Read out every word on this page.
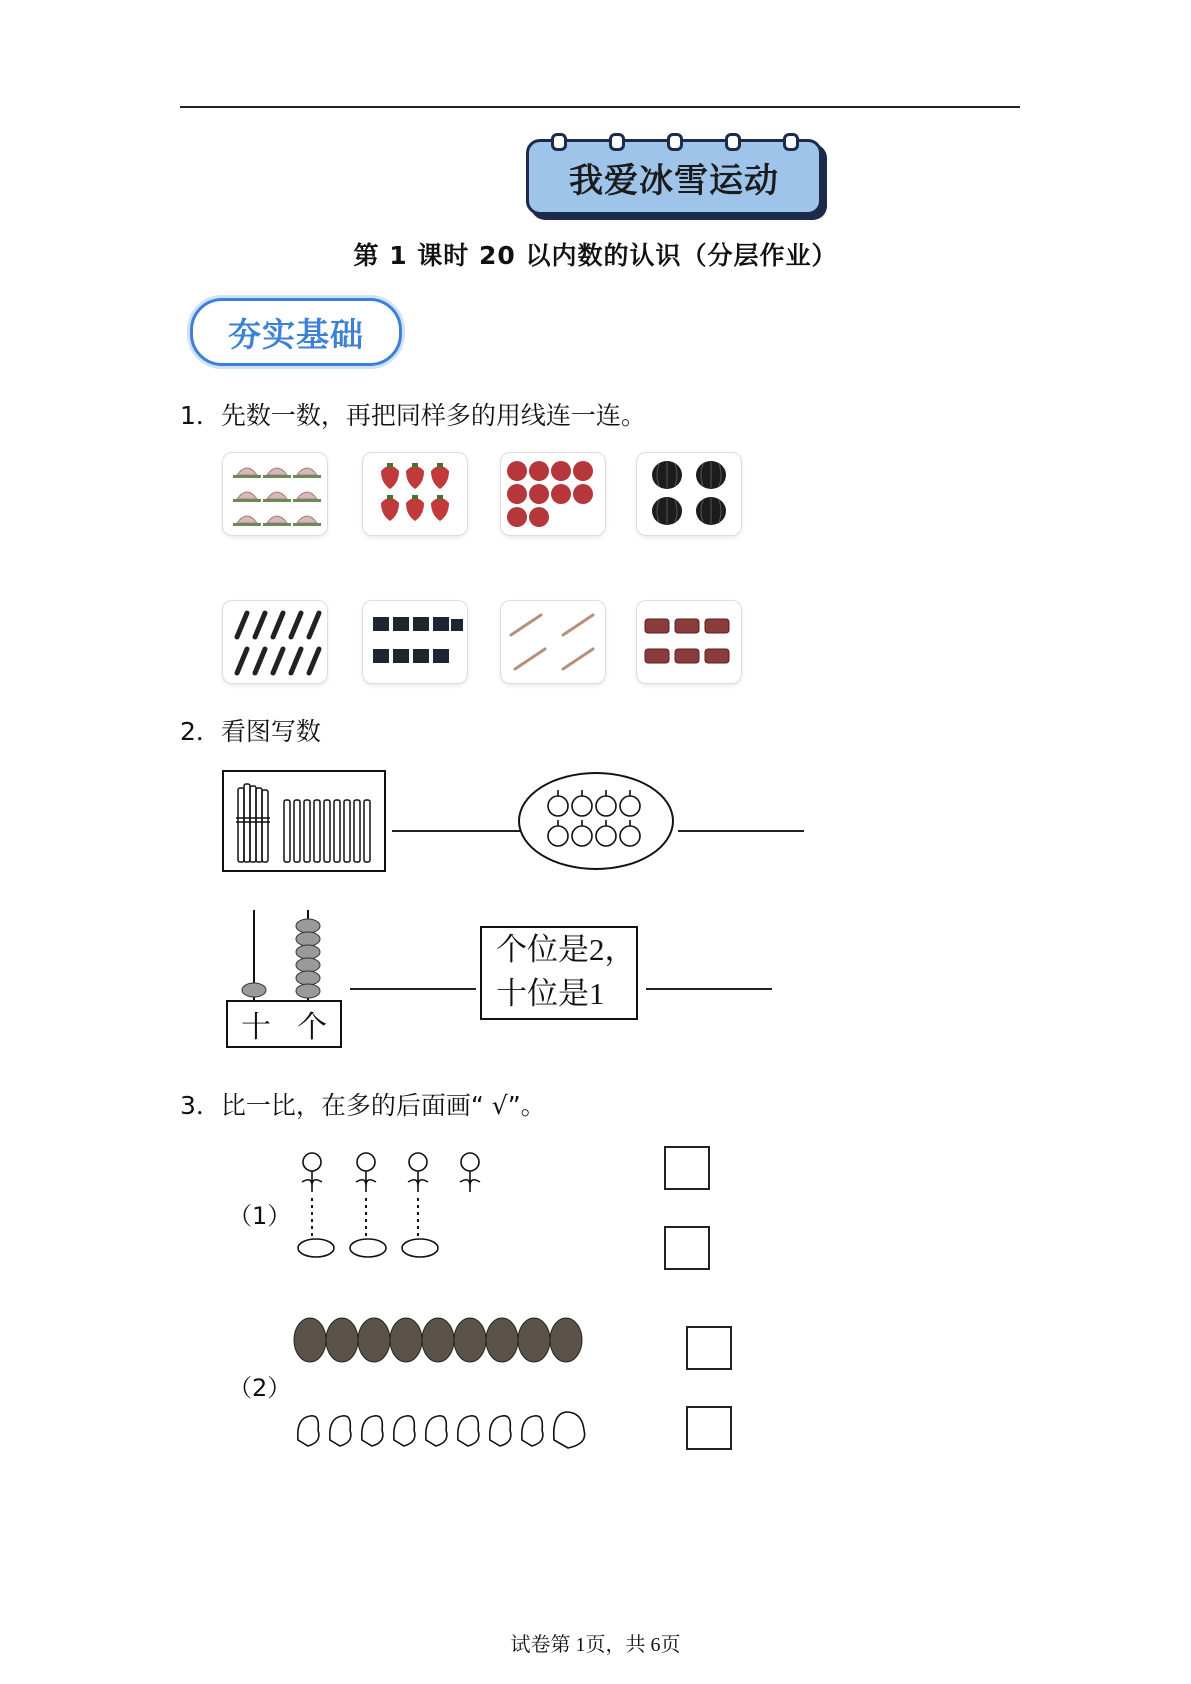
我爱冰雪运动
第 1 课时 20 以内数的认识（分层作业）
夯实基础
1．先数一数，再把同样多的用线连一连。
2．看图写数
十 个
个位是2，
十位是1
3．比一比，在多的后面画“ √”。
（1）
（2）
试卷第 1页，共 6页
